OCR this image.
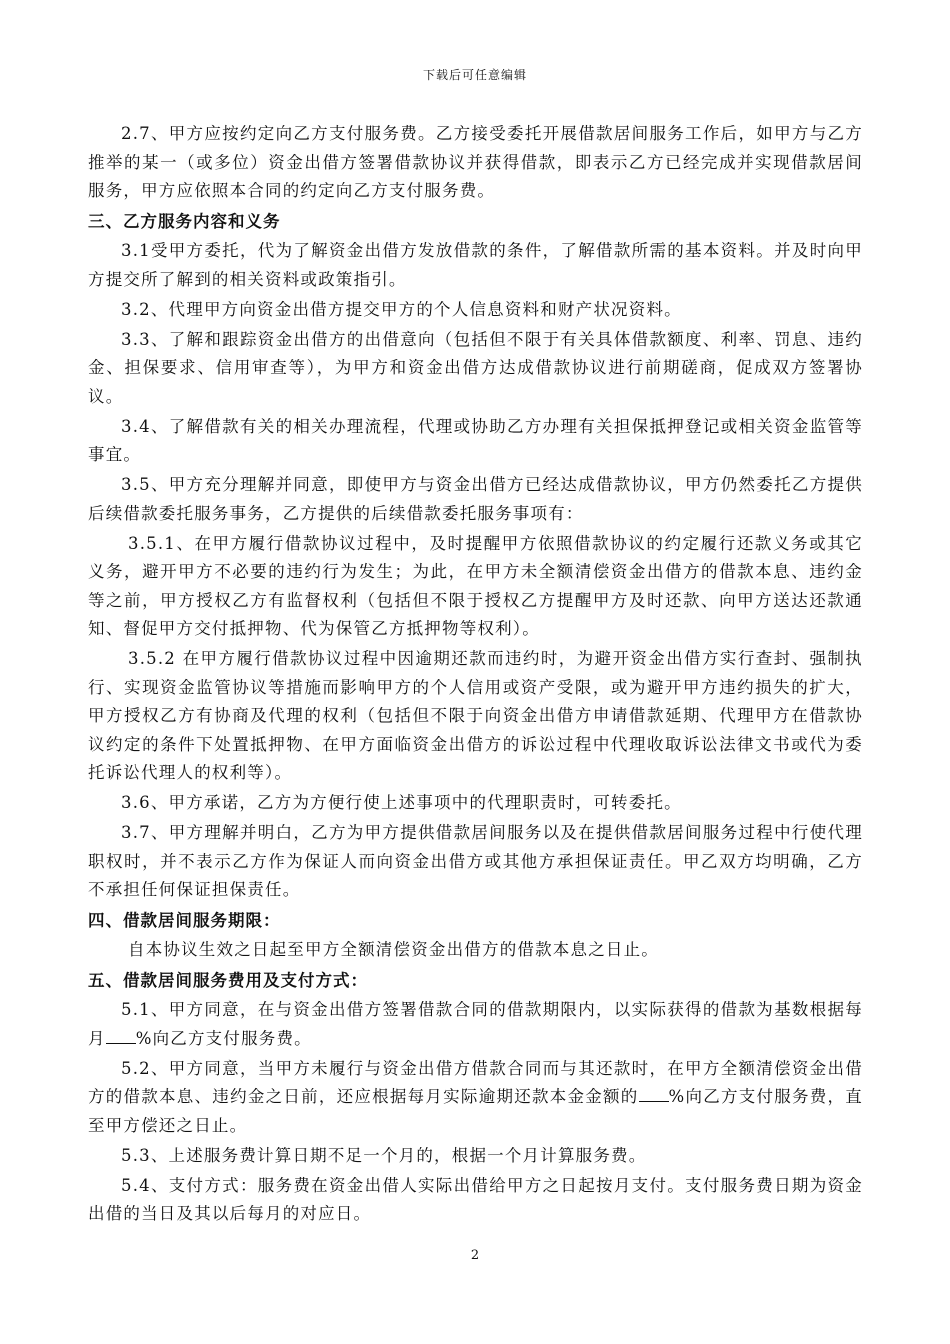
下载后可任意编辑

2.7、甲方应按约定向乙方支付服务费。乙方接受委托开展借款居间服务工作后，如甲方与乙方推举的某一（或多位）资金出借方签署借款协议并获得借款，即表示乙方已经完成并实现借款居间服务，甲方应依照本合同的约定向乙方支付服务费。

三、乙方服务内容和义务

3.1受甲方委托，代为了解资金出借方发放借款的条件，了解借款所需的基本资料。并及时向甲方提交所了解到的相关资料或政策指引。

3.2、代理甲方向资金出借方提交甲方的个人信息资料和财产状况资料。

3.3、了解和跟踪资金出借方的出借意向（包括但不限于有关具体借款额度、利率、罚息、违约金、担保要求、信用审查等），为甲方和资金出借方达成借款协议进行前期磋商，促成双方签署协议。

3.4、了解借款有关的相关办理流程，代理或协助乙方办理有关担保抵押登记或相关资金监管等事宜。

3.5、甲方充分理解并同意，即使甲方与资金出借方已经达成借款协议，甲方仍然委托乙方提供后续借款委托服务事务，乙方提供的后续借款委托服务事项有：

3.5.1、在甲方履行借款协议过程中，及时提醒甲方依照借款协议的约定履行还款义务或其它义务，避开甲方不必要的违约行为发生；为此，在甲方未全额清偿资金出借方的借款本息、违约金等之前，甲方授权乙方有监督权利（包括但不限于授权乙方提醒甲方及时还款、向甲方送达还款通知、督促甲方交付抵押物、代为保管乙方抵押物等权利）。

3.5.2 在甲方履行借款协议过程中因逾期还款而违约时，为避开资金出借方实行查封、强制执行、实现资金监管协议等措施而影响甲方的个人信用或资产受限，或为避开甲方违约损失的扩大，甲方授权乙方有协商及代理的权利（包括但不限于向资金出借方申请借款延期、代理甲方在借款协议约定的条件下处置抵押物、在甲方面临资金出借方的诉讼过程中代理收取诉讼法律文书或代为委托诉讼代理人的权利等）。

3.6、甲方承诺，乙方为方便行使上述事项中的代理职责时，可转委托。

3.7、甲方理解并明白，乙方为甲方提供借款居间服务以及在提供借款居间服务过程中行使代理职权时，并不表示乙方作为保证人而向资金出借方或其他方承担保证责任。甲乙双方均明确，乙方不承担任何保证担保责任。

四、借款居间服务期限：

自本协议生效之日起至甲方全额清偿资金出借方的借款本息之日止。

五、借款居间服务费用及支付方式：

5.1、甲方同意，在与资金出借方签署借款合同的借款期限内，以实际获得的借款为基数根据每月 %向乙方支付服务费。

5.2、甲方同意，当甲方未履行与资金出借方借款合同而与其还款时，在甲方全额清偿资金出借方的借款本息、违约金之日前，还应根据每月实际逾期还款本金金额的 %向乙方支付服务费，直至甲方偿还之日止。

5.3、上述服务费计算日期不足一个月的，根据一个月计算服务费。

5.4、支付方式：服务费在资金出借人实际出借给甲方之日起按月支付。支付服务费日期为资金出借的当日及其以后每月的对应日。

2
